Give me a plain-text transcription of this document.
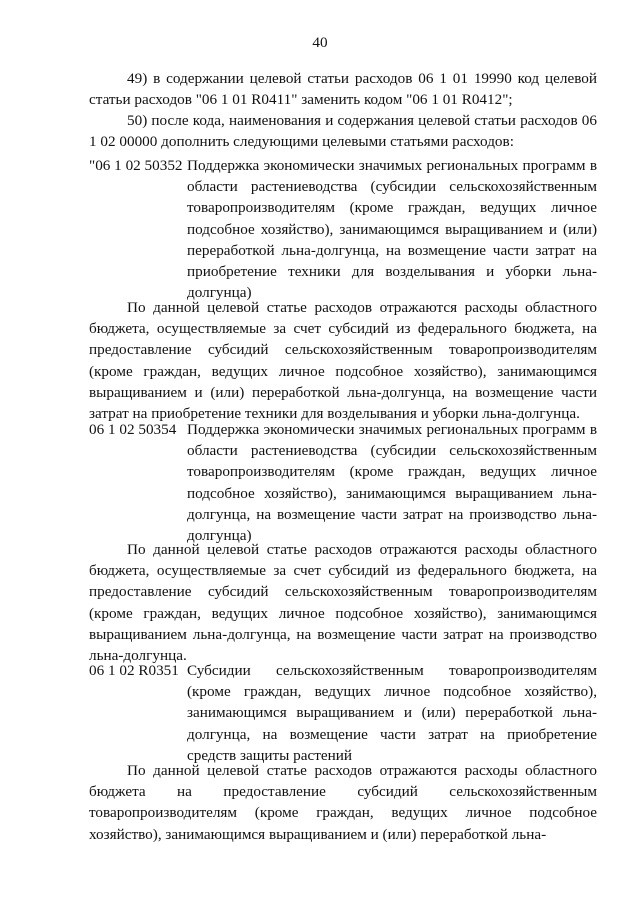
40

49) в содержании целевой статьи расходов 06 1 01 19990 код целевой статьи расходов "06 1 01 R0411" заменить кодом "06 1 01 R0412";

50) после кода, наименования и содержания целевой статьи расходов 06 1 02 00000 дополнить следующими целевыми статьями расходов:

"06 1 02 50352 Поддержка экономически значимых региональных программ в области растениеводства (субсидии сельскохозяйственным товаропроизводителям (кроме граждан, ведущих личное подсобное хозяйство), занимающимся выращиванием и (или) переработкой льна-долгунца, на возмещение части затрат на приобретение техники для возделывания и уборки льна-долгунца)

По данной целевой статье расходов отражаются расходы областного бюджета, осуществляемые за счет субсидий из федерального бюджета, на предоставление субсидий сельскохозяйственным товаропроизводителям (кроме граждан, ведущих личное подсобное хозяйство), занимающимся выращиванием и (или) переработкой льна-долгунца, на возмещение части затрат на приобретение техники для возделывания и уборки льна-долгунца.

06 1 02 50354 Поддержка экономически значимых региональных программ в области растениеводства (субсидии сельскохозяйственным товаропроизводителям (кроме граждан, ведущих личное подсобное хозяйство), занимающимся выращиванием льна-долгунца, на возмещение части затрат на производство льна-долгунца)

По данной целевой статье расходов отражаются расходы областного бюджета, осуществляемые за счет субсидий из федерального бюджета, на предоставление субсидий сельскохозяйственным товаропроизводителям (кроме граждан, ведущих личное подсобное хозяйство), занимающимся выращиванием льна-долгунца, на возмещение части затрат на производство льна-долгунца.

06 1 02 R0351 Субсидии сельскохозяйственным товаропроизводителям (кроме граждан, ведущих личное подсобное хозяйство), занимающимся выращиванием и (или) переработкой льна-долгунца, на возмещение части затрат на приобретение средств защиты растений

По данной целевой статье расходов отражаются расходы областного бюджета на предоставление субсидий сельскохозяйственным товаропроизводителям (кроме граждан, ведущих личное подсобное хозяйство), занимающимся выращиванием и (или) переработкой льна-
